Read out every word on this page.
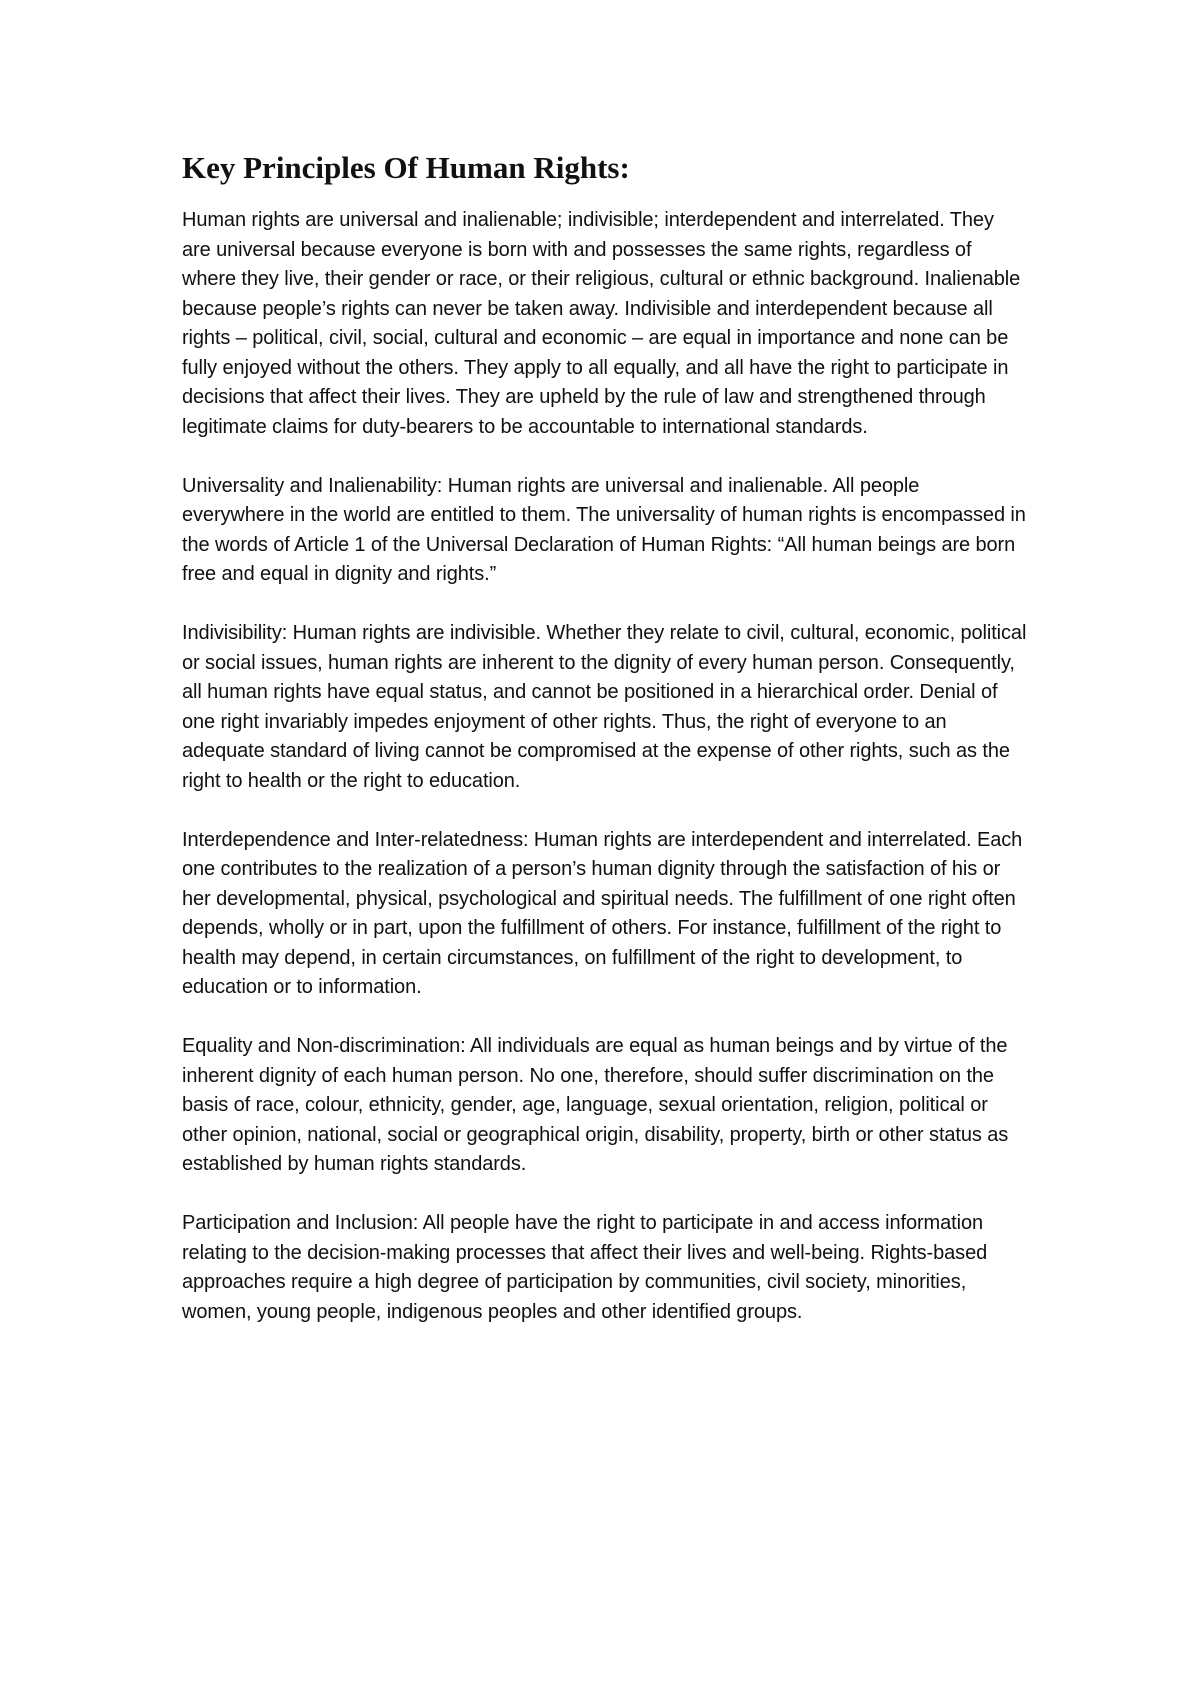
Key Principles Of Human Rights:

Human rights are universal and inalienable; indivisible; interdependent and interrelated. They are universal because everyone is born with and possesses the same rights, regardless of where they live, their gender or race, or their religious, cultural or ethnic background. Inalienable because people’s rights can never be taken away. Indivisible and interdependent because all rights – political, civil, social, cultural and economic – are equal in importance and none can be fully enjoyed without the others. They apply to all equally, and all have the right to participate in decisions that affect their lives. They are upheld by the rule of law and strengthened through legitimate claims for duty-bearers to be accountable to international standards.

Universality and Inalienability: Human rights are universal and inalienable. All people everywhere in the world are entitled to them. The universality of human rights is encompassed in the words of Article 1 of the Universal Declaration of Human Rights: “All human beings are born free and equal in dignity and rights.”

Indivisibility: Human rights are indivisible. Whether they relate to civil, cultural, economic, political or social issues, human rights are inherent to the dignity of every human person. Consequently, all human rights have equal status, and cannot be positioned in a hierarchical order. Denial of one right invariably impedes enjoyment of other rights. Thus, the right of everyone to an adequate standard of living cannot be compromised at the expense of other rights, such as the right to health or the right to education.

Interdependence and Inter-relatedness: Human rights are interdependent and interrelated. Each one contributes to the realization of a person’s human dignity through the satisfaction of his or her developmental, physical, psychological and spiritual needs. The fulfillment of one right often depends, wholly or in part, upon the fulfillment of others. For instance, fulfillment of the right to health may depend, in certain circumstances, on fulfillment of the right to development, to education or to information.

Equality and Non-discrimination: All individuals are equal as human beings and by virtue of the inherent dignity of each human person. No one, therefore, should suffer discrimination on the basis of race, colour, ethnicity, gender, age, language, sexual orientation, religion, political or other opinion, national, social or geographical origin, disability, property, birth or other status as established by human rights standards.

Participation and Inclusion: All people have the right to participate in and access information relating to the decision-making processes that affect their lives and well-being. Rights-based approaches require a high degree of participation by communities, civil society, minorities, women, young people, indigenous peoples and other identified groups.
